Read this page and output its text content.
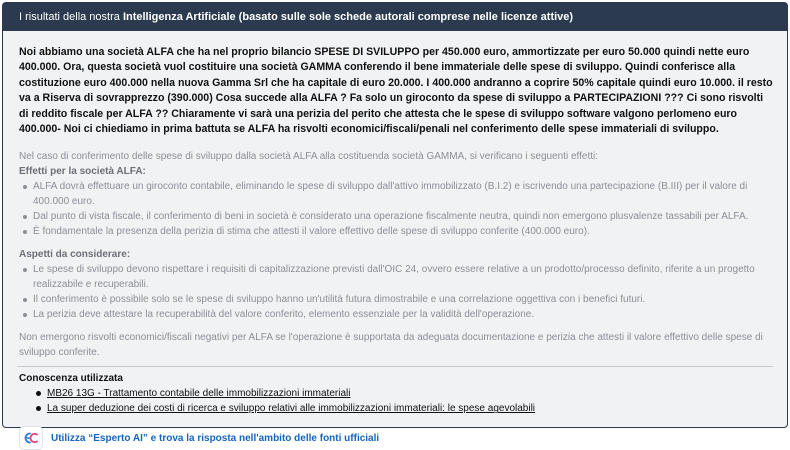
I risultati della nostra Intelligenza Artificiale (basato sulle sole schede autorali comprese nelle licenze attive)
Noi abbiamo una società ALFA che ha nel proprio bilancio SPESE DI SVILUPPO per 450.000 euro, ammortizzate per euro 50.000 quindi nette euro 400.000. Ora, questa società vuol costituire una società GAMMA conferendo il bene immateriale delle spese di sviluppo. Quindi conferisce alla costituzione euro 400.000 nella nuova Gamma Srl che ha capitale di euro 20.000. I 400.000 andranno a coprire 50% capitale quindi euro 10.000. il resto va a Riserva di sovrapprezzo (390.000) Cosa succede alla ALFA ? Fa solo un giroconto da spese di sviluppo a PARTECIPAZIONI ??? Ci sono risvolti di reddito fiscale per ALFA ?? Chiaramente vi sarà una perizia del perito che attesta che le spese di sviluppo software valgono perlomeno euro 400.000- Noi ci chiediamo in prima battuta se ALFA ha risvolti economici/fiscali/penali nel conferimento delle spese immateriali di sviluppo.

Nel caso di conferimento delle spese di sviluppo dalla società ALFA alla costituenda società GAMMA, si verificano i seguenti effetti:

Effetti per la società ALFA:

ALFA dovrà effettuare un giroconto contabile, eliminando le spese di sviluppo dall'attivo immobilizzato (B.I.2) e iscrivendo una partecipazione (B.III) per il valore di 400.000 euro.
Dal punto di vista fiscale, il conferimento di beni in società è considerato una operazione fiscalmente neutra, quindi non emergono plusvalenze tassabili per ALFA.
È fondamentale la presenza della perizia di stima che attesti il valore effettivo delle spese di sviluppo conferite (400.000 euro).

Aspetti da considerare:

Le spese di sviluppo devono rispettare i requisiti di capitalizzazione previsti dall'OIC 24, ovvero essere relative a un prodotto/processo definito, riferite a un progetto realizzabile e recuperabili.
Il conferimento è possibile solo se le spese di sviluppo hanno un'utilità futura dimostrabile e una correlazione oggettiva con i benefici futuri.
La perizia deve attestare la recuperabilità del valore conferito, elemento essenziale per la validità dell'operazione.

Non emergono risvolti economici/fiscali negativi per ALFA se l'operazione è supportata da adeguata documentazione e perizia che attesti il valore effettivo delle spese di sviluppo conferite.

Conoscenza utilizzata
MB26 13G - Trattamento contabile delle immobilizzazioni immateriali
La super deduzione dei costi di ricerca e sviluppo relativi alle immobilizzazioni immateriali: le spese agevolabili
Utilizza “Esperto AI” e trova la risposta nell'ambito delle fonti ufficiali
